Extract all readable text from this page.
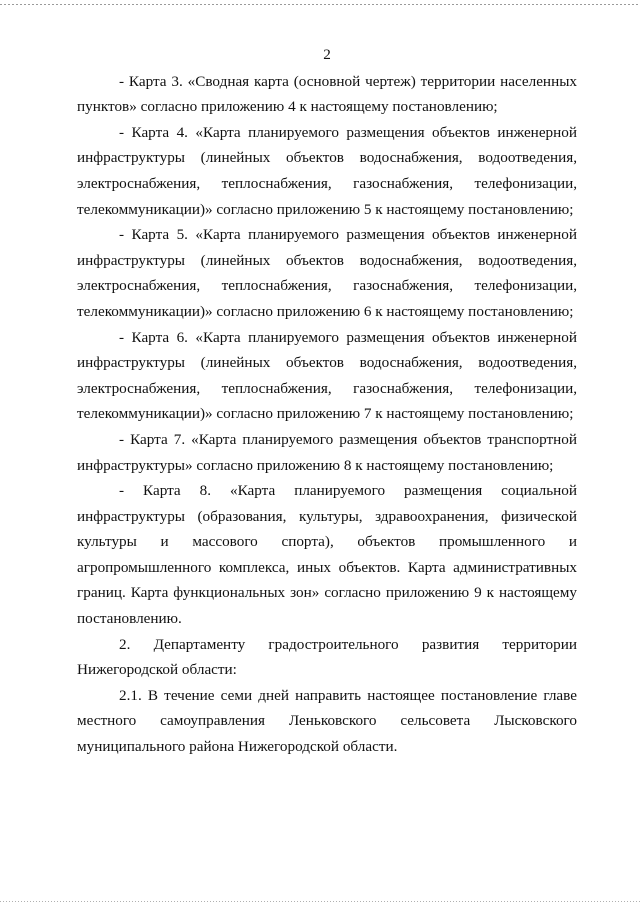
2

- Карта 3. «Сводная карта (основной чертеж) территории населенных пунктов» согласно приложению 4 к настоящему постановлению;

- Карта 4. «Карта планируемого размещения объектов инженерной инфраструктуры (линейных объектов водоснабжения, водоотведения, электроснабжения, теплоснабжения, газоснабжения, телефонизации, телекоммуникации)» согласно приложению 5 к настоящему постановлению;

- Карта 5. «Карта планируемого размещения объектов инженерной инфраструктуры (линейных объектов водоснабжения, водоотведения, электроснабжения, теплоснабжения, газоснабжения, телефонизации, телекоммуникации)» согласно приложению 6 к настоящему постановлению;

- Карта 6. «Карта планируемого размещения объектов инженерной инфраструктуры (линейных объектов водоснабжения, водоотведения, электроснабжения, теплоснабжения, газоснабжения, телефонизации, телекоммуникации)» согласно приложению 7 к настоящему постановлению;

- Карта 7. «Карта планируемого размещения объектов транспортной инфраструктуры» согласно приложению 8 к настоящему постановлению;

- Карта 8. «Карта планируемого размещения социальной инфраструктуры (образования, культуры, здравоохранения, физической культуры и массового спорта), объектов промышленного и агропромышленного комплекса, иных объектов. Карта административных границ. Карта функциональных зон» согласно приложению 9 к настоящему постановлению.

2. Департаменту градостроительного развития территории Нижегородской области:

2.1. В течение семи дней направить настоящее постановление главе местного самоуправления Леньковского сельсовета Лысковского муниципального района Нижегородской области.
